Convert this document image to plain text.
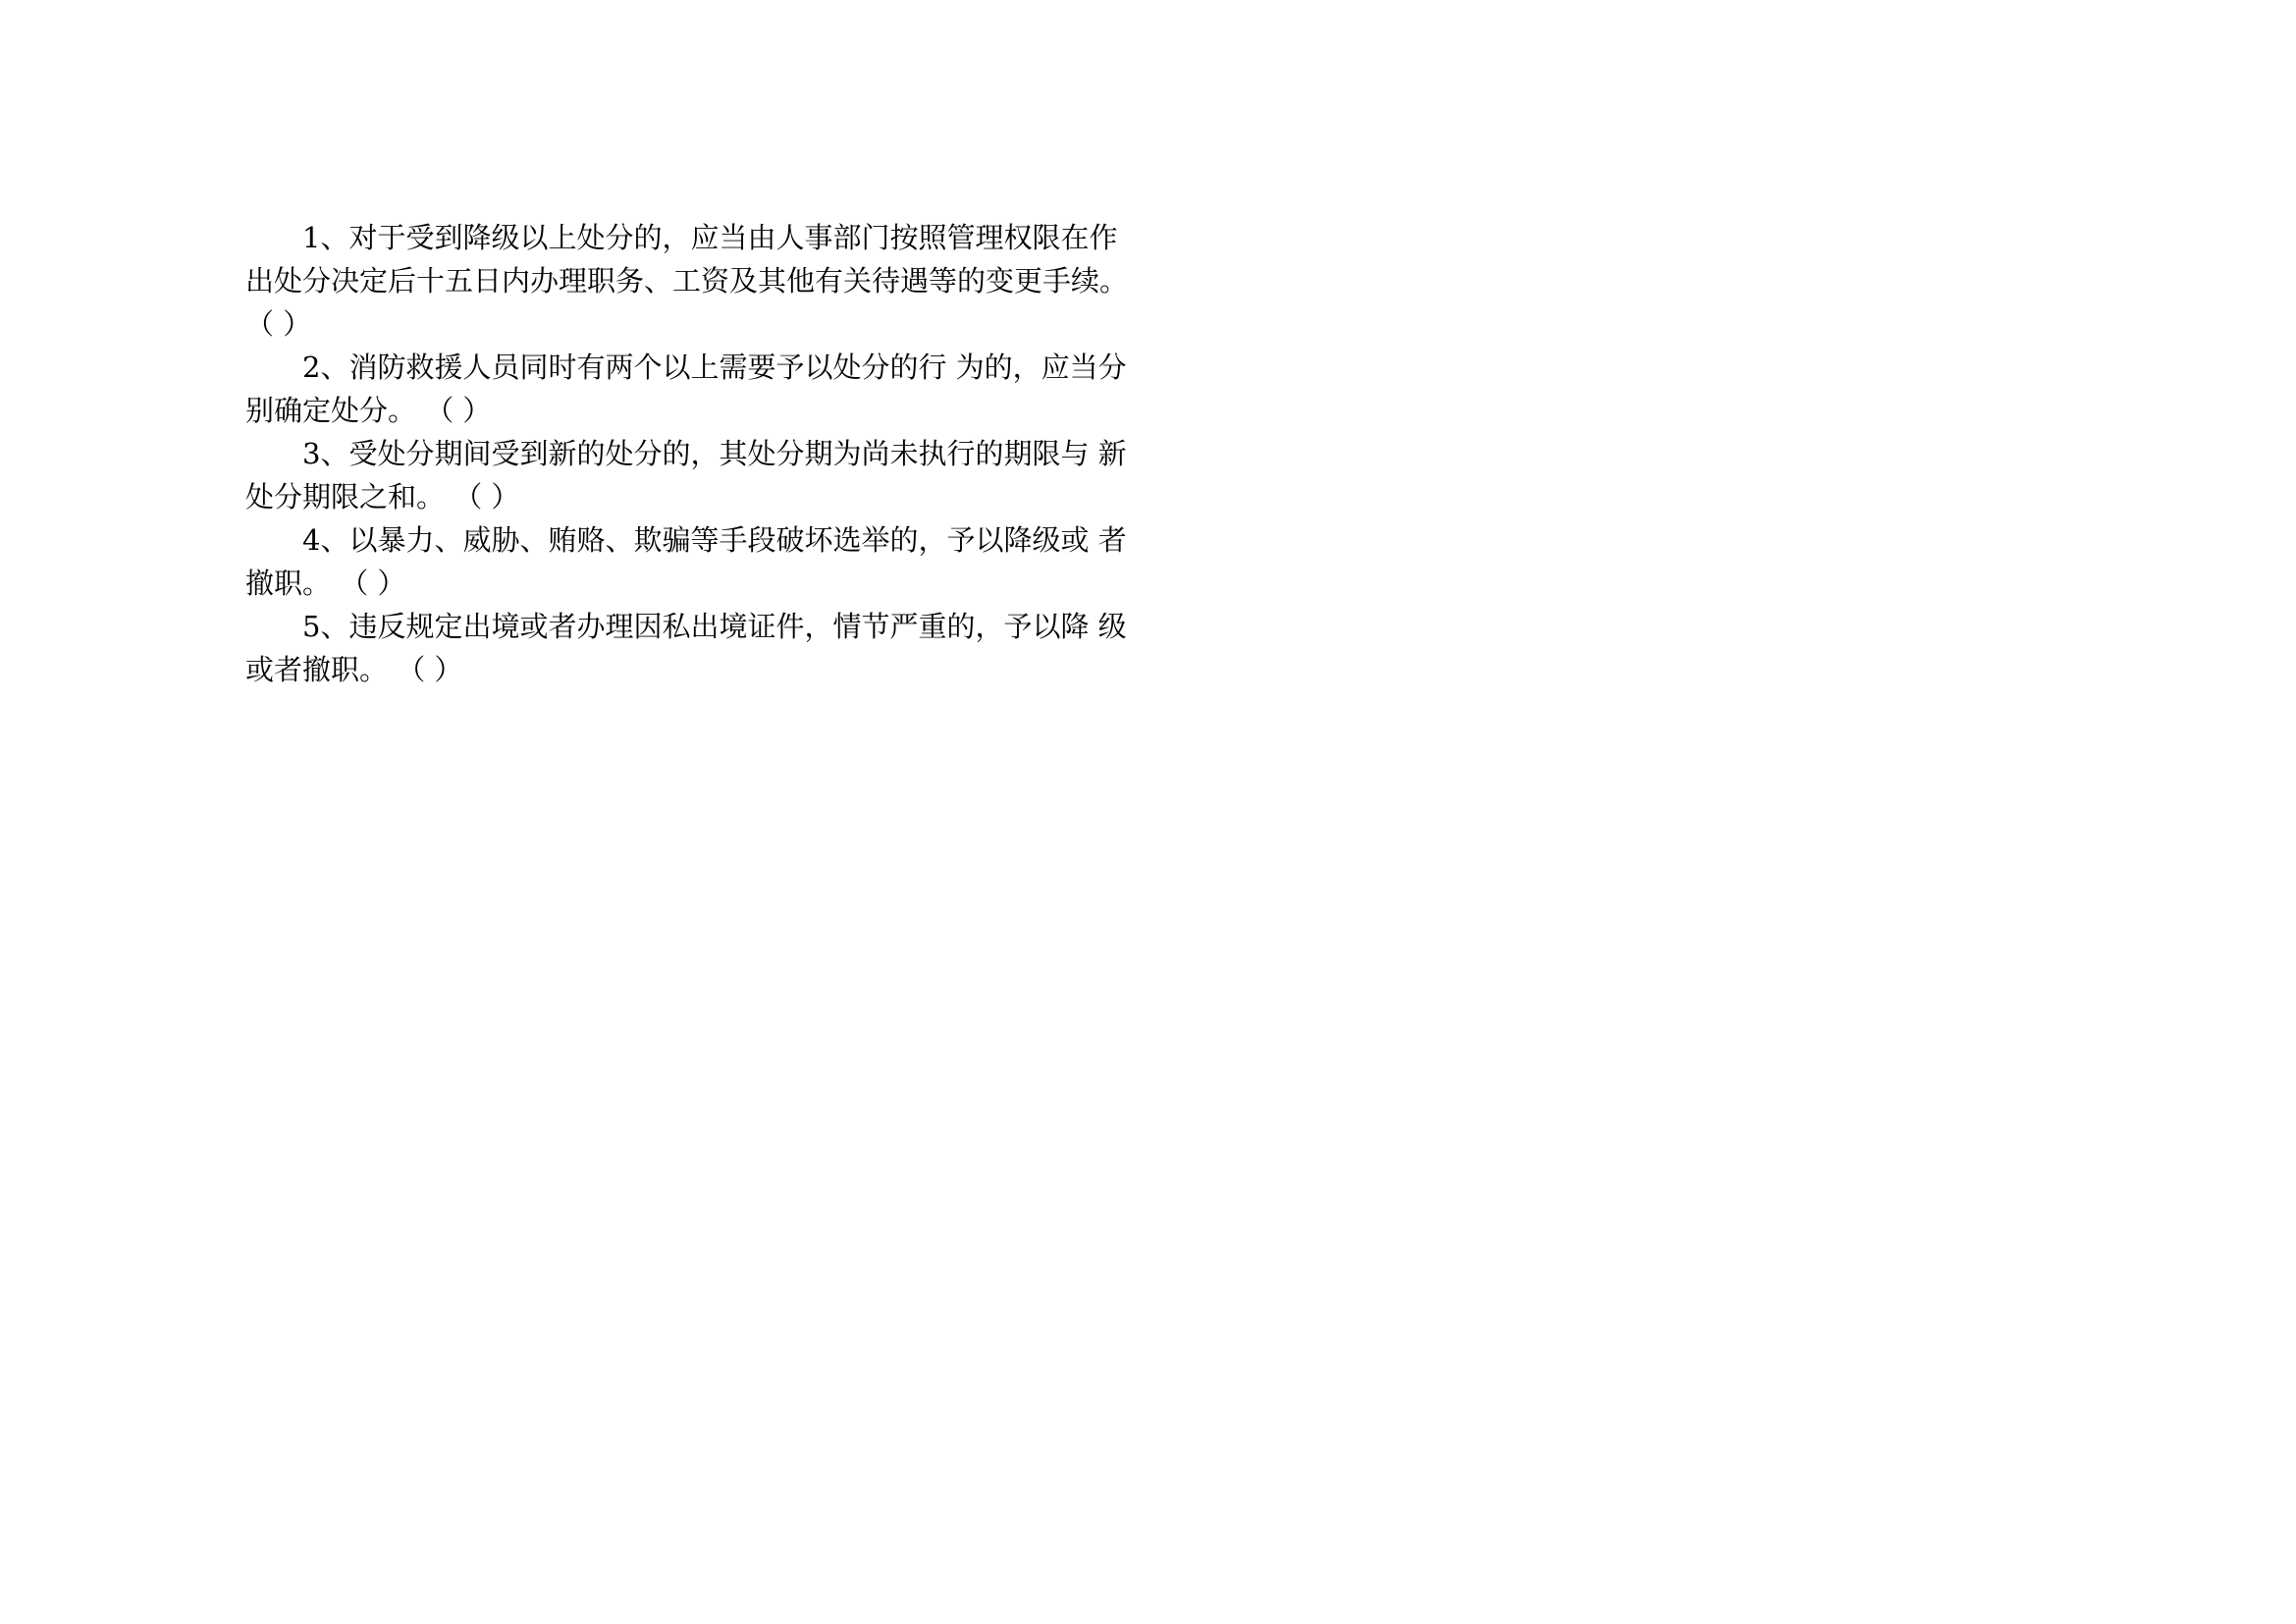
1、对于受到降级以上处分的，应当由人事部门按照管理权限在作出处分决定后十五日内办理职务、工资及其他有关待遇等的变更手续。 （ ）

2、消防救援人员同时有两个以上需要予以处分的行 为的，应当分别确定处分。 （ ）

3、受处分期间受到新的处分的，其处分期为尚未执行的期限与 新处分期限之和。 （ ）

4、以暴力、威胁、贿赂、欺骗等手段破坏选举的，予以降级或 者撤职。 （ ）

5、违反规定出境或者办理因私出境证件，情节严重的，予以降 级或者撤职。 （ ）
